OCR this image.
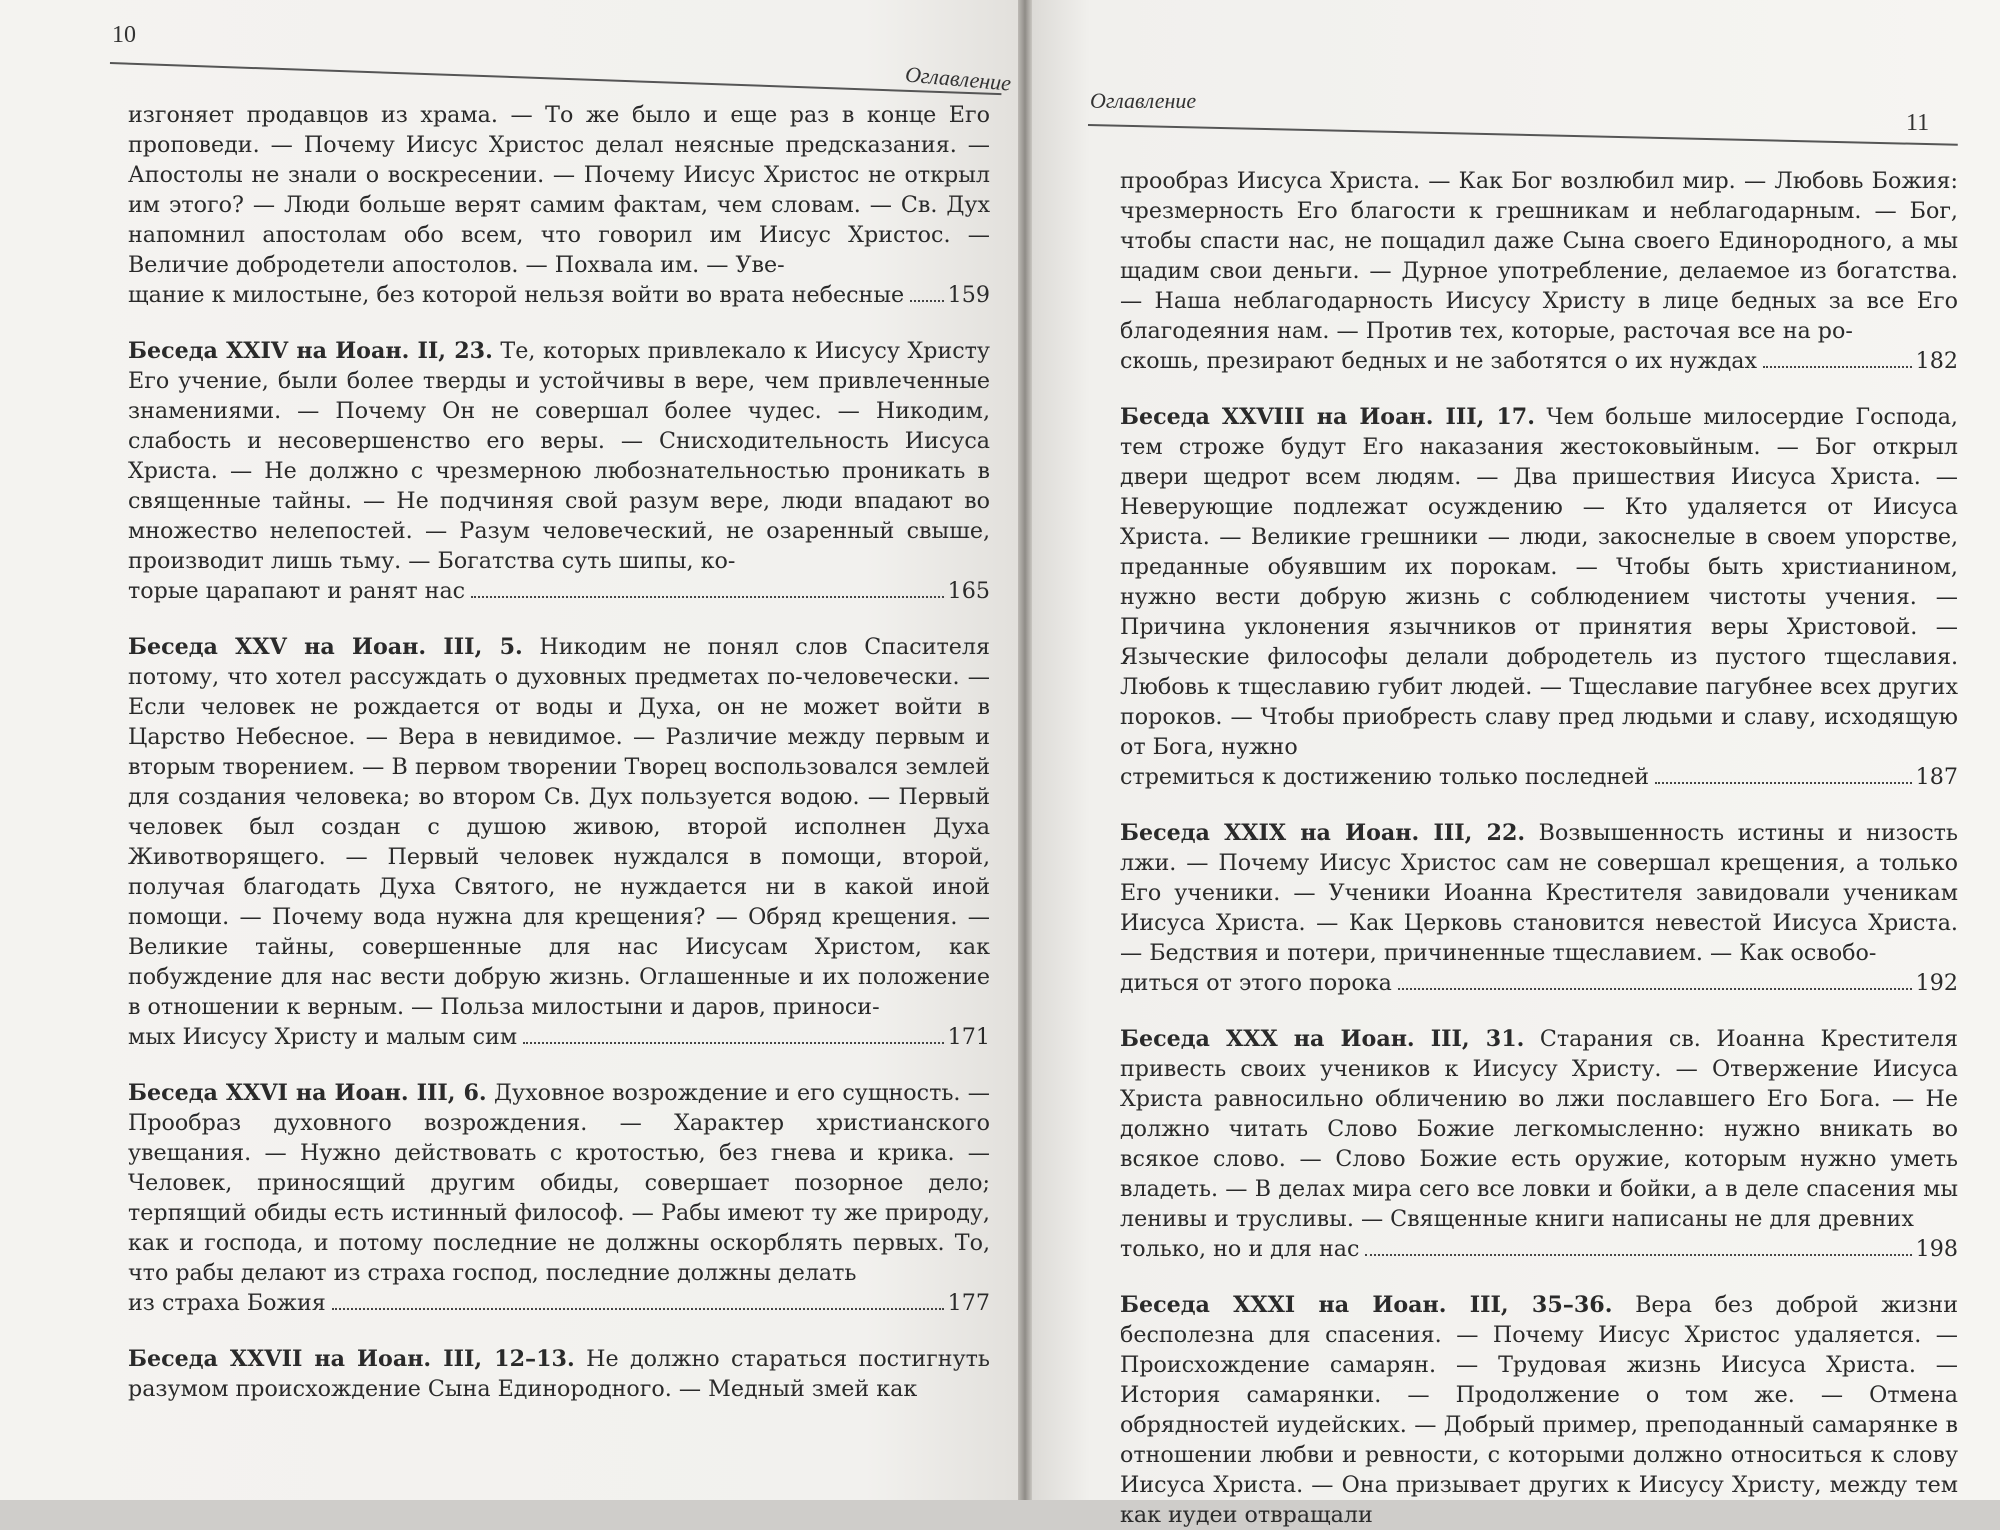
10
Оглавление
изгоняет продавцов из храма. — То же было и еще раз в конце Его проповеди. — Почему Иисус Христос делал неясные предсказания. — Апостолы не знали о воскресении. — Почему Иисус Христос не открыл им этого? — Люди больше верят самим фактам, чем словам. — Св. Дух напомнил апостолам обо всем, что говорил им Иисус Христос. — Величие добродетели апостолов. — Похвала им. — Уве-
щание к милостыне, без которой нельзя войти во врата небесные 159
Беседа XXIV на Иоан. II, 23. Те, которых привлекало к Иисусу Христу Его учение, были более тверды и устойчивы в вере, чем привлеченные знамениями. — Почему Он не совершал более чудес. — Никодим, слабость и несовершенство его веры. — Снисходительность Иисуса Христа. — Не должно с чрезмерною любознательностью проникать в священные тайны. — Не подчиняя свой разум вере, люди впадают во множество нелепостей. — Разум человеческий, не озаренный свыше, производит лишь тьму. — Богатства суть шипы, ко-
торые царапают и ранят нас	165
Беседа XXV на Иоан. III, 5. Никодим не понял слов Спасителя потому, что хотел рассуждать о духовных предметах по-человечески. — Если человек не рождается от воды и Духа, он не может войти в Царство Небесное. — Вера в невидимое. — Различие между первым и вторым творением. — В первом творении Творец воспользовался землей для создания человека; во втором Св. Дух пользуется водою. — Первый человек был создан с душою живою, второй исполнен Духа Животворящего. — Первый человек нуждался в помощи, второй, получая благодать Духа Святого, не нуждается ни в какой иной помощи. — Почему вода нужна для крещения? — Обряд крещения. — Великие тайны, совершенные для нас Иисусам Христом, как побуждение для нас вести добрую жизнь. Оглашенные и их положение в отношении к верным. — Польза милостыни и даров, приноси-
мых Иисусу Христу и малым сим	171
Беседа XXVI на Иоан. III, 6. Духовное возрождение и его сущность. — Прообраз духовного возрождения. — Характер христианского увещания. — Нужно действовать с кротостью, без гнева и крика. — Человек, приносящий другим обиды, совершает позорное дело; терпящий обиды есть истинный философ. — Рабы имеют ту же природу, как и господа, и потому последние не должны оскорблять первых. То, что рабы делают из страха господ, последние должны делать
из страха Божия	177
Беседа XXVII на Иоан. III, 12–13. Не должно стараться постигнуть разумом происхождение Сына Единородного. — Медный змей как
Оглавление
11
прообраз Иисуса Христа. — Как Бог возлюбил мир. — Любовь Божия: чрезмерность Его благости к грешникам и неблагодарным. — Бог, чтобы спасти нас, не пощадил даже Сына своего Единородного, а мы щадим свои деньги. — Дурное употребление, делаемое из богатства. — Наша неблагодарность Иисусу Христу в лице бедных за все Его благодеяния нам. — Против тех, которые, расточая все на ро-
скошь, презирают бедных и не заботятся о их нуждах	182
Беседа XXVIII на Иоан. III, 17. Чем больше милосердие Господа, тем строже будут Его наказания жестоковыйным. — Бог открыл двери щедрот всем людям. — Два пришествия Иисуса Христа. — Неверующие подлежат осуждению — Кто удаляется от Иисуса Христа. — Великие грешники — люди, закоснелые в своем упорстве, преданные обуявшим их порокам. — Чтобы быть христианином, нужно вести добрую жизнь с соблюдением чистоты учения. — Причина уклонения язычников от принятия веры Христовой. — Языческие философы делали добродетель из пустого тщеславия. Любовь к тщеславию губит людей. — Тщеславие пагубнее всех других пороков. — Чтобы приобресть славу пред людьми и славу, исходящую от Бога, нужно
стремиться к достижению только последней	187
Беседа XXIX на Иоан. III, 22. Возвышенность истины и низость лжи. — Почему Иисус Христос сам не совершал крещения, а только Его ученики. — Ученики Иоанна Крестителя завидовали ученикам Иисуса Христа. — Как Церковь становится невестой Иисуса Христа. — Бедствия и потери, причиненные тщеславием. — Как освобо-
диться от этого порока	192
Беседа XXX на Иоан. III, 31. Старания св. Иоанна Крестителя привесть своих учеников к Иисусу Христу. — Отвержение Иисуса Христа равносильно обличению во лжи пославшего Его Бога. — Не должно читать Слово Божие легкомысленно: нужно вникать во всякое слово. — Слово Божие есть оружие, которым нужно уметь владеть. — В делах мира сего все ловки и бойки, а в деле спасения мы ленивы и трусливы. — Священные книги написаны не для древних
только, но и для нас	198
Беседа XXXI на Иоан. III, 35–36. Вера без доброй жизни бесполезна для спасения. — Почему Иисус Христос удаляется. — Происхождение самарян. — Трудовая жизнь Иисуса Христа. — История самарянки. — Продолжение о том же. — Отмена обрядностей иудейских. — Добрый пример, преподанный самарянке в отношении любви и ревности, с которыми должно относиться к слову Иисуса Христа. — Она призывает других к Иисусу Христу, между тем как иудеи отвращали
